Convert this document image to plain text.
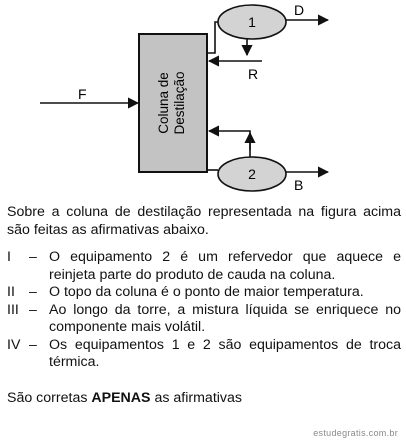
Coluna de Destilação
F
1
D
R
2
B

Sobre a coluna de destilação representada na figura acima são feitas as afirmativas abaixo.

I	– O equipamento 2 é um refervedor que aquece e reinjeta parte do produto de cauda na coluna.
II – O topo da coluna é o ponto de maior temperatura.
III – Ao longo da torre, a mistura líquida se enriquece no componente mais volátil.
IV – Os equipamentos 1 e 2 são equipamentos de troca térmica.

São corretas APENAS as afirmativas

estudegratis.com.br
